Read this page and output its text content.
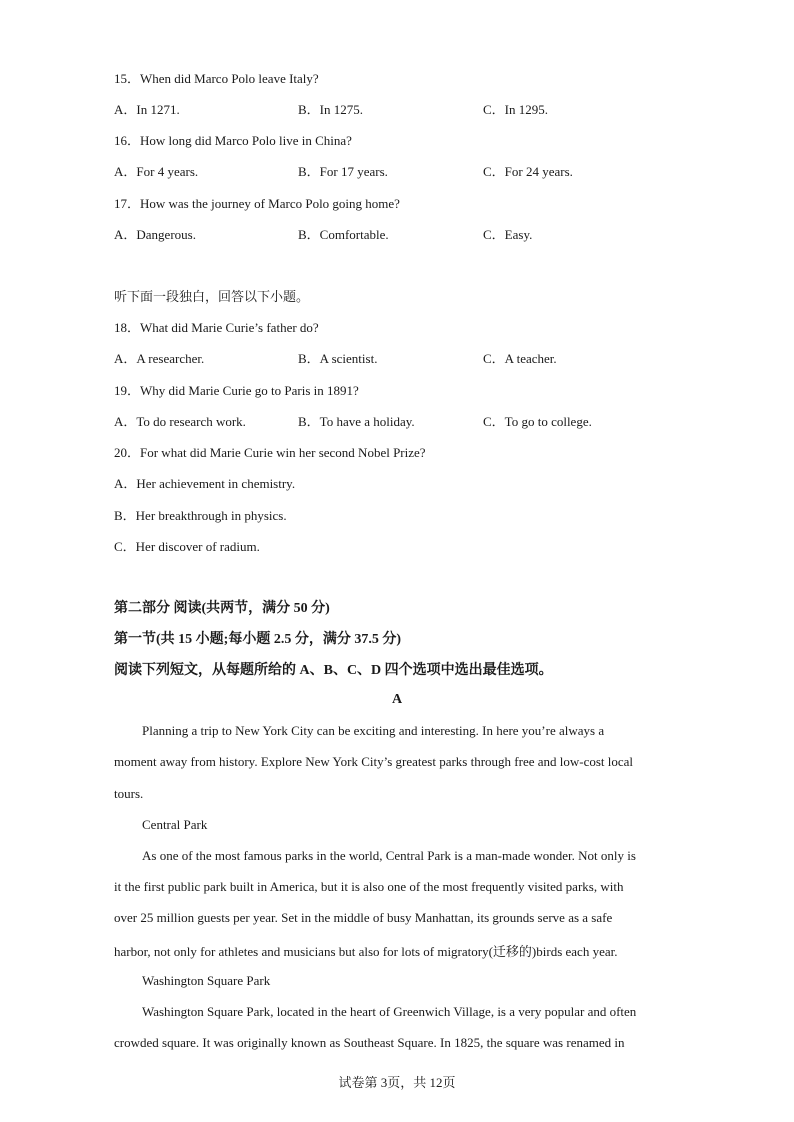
15．When did Marco Polo leave Italy?
A．In 1271.	B．In 1275.	C．In 1295.
16．How long did Marco Polo live in China?
A．For 4 years.	B．For 17 years.	C．For 24 years.
17．How was the journey of Marco Polo going home?
A．Dangerous.	B．Comfortable.	C．Easy.
听下面一段独白，回答以下小题。
18．What did Marie Curie’s father do?
A．A researcher.	B．A scientist.	C．A teacher.
19．Why did Marie Curie go to Paris in 1891?
A．To do research work.	B．To have a holiday.	C．To go to college.
20．For what did Marie Curie win her second Nobel Prize?
A．Her achievement in chemistry.
B．Her breakthrough in physics.
C．Her discover of radium.
第二部分 阅读(共两节，满分 50 分)
第一节(共 15 小题;每小题 2.5 分，满分 37.5 分)
阅读下列短文，从每题所给的 A、B、C、D 四个选项中选出最佳选项。
A
Planning a trip to New York City can be exciting and interesting. In here you’re always a
moment away from history. Explore New York City’s greatest parks through free and low-cost local
tours.
Central Park
As one of the most famous parks in the world, Central Park is a man-made wonder. Not only is
it the first public park built in America, but it is also one of the most frequently visited parks, with
over 25 million guests per year. Set in the middle of busy Manhattan, its grounds serve as a safe
harbor, not only for athletes and musicians but also for lots of migratory(迁移的)birds each year.
Washington Square Park
Washington Square Park, located in the heart of Greenwich Village, is a very popular and often
crowded square. It was originally known as Southeast Square. In 1825, the square was renamed in
试卷第 3页，共 12页
